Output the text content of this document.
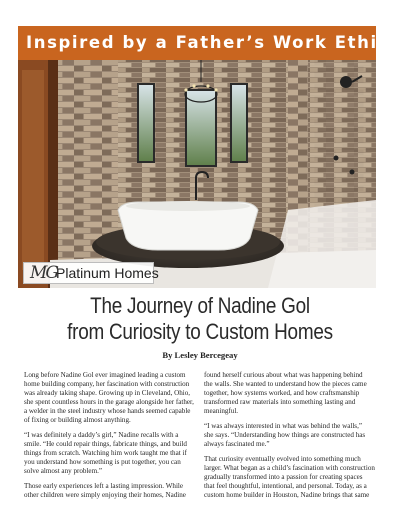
Inspired by a Father’s Work Ethic:
MG Platinum Homes
The Journey of Nadine Gol
from Curiosity to Custom Homes
By Lesley Bercegeay

Long before Nadine Gol ever imagined leading a custom
home building company, her fascination with construction
was already taking shape. Growing up in Cleveland, Ohio,
she spent countless hours in the garage alongside her father,
a welder in the steel industry whose hands seemed capable
of fixing or building almost anything.

“I was definitely a daddy’s girl,” Nadine recalls with a
smile. “He could repair things, fabricate things, and build
things from scratch. Watching him work taught me that if
you understand how something is put together, you can
solve almost any problem.”

Those early experiences left a lasting impression. While
other children were simply enjoying their homes, Nadine

found herself curious about what was happening behind
the walls. She wanted to understand how the pieces came
together, how systems worked, and how craftsmanship
transformed raw materials into something lasting and
meaningful.

“I was always interested in what was behind the walls,”
she says. “Understanding how things are constructed has
always fascinated me.”

That curiosity eventually evolved into something much
larger. What began as a child’s fascination with construction
gradually transformed into a passion for creating spaces
that feel thoughtful, intentional, and personal. Today, as a
custom home builder in Houston, Nadine brings that same
